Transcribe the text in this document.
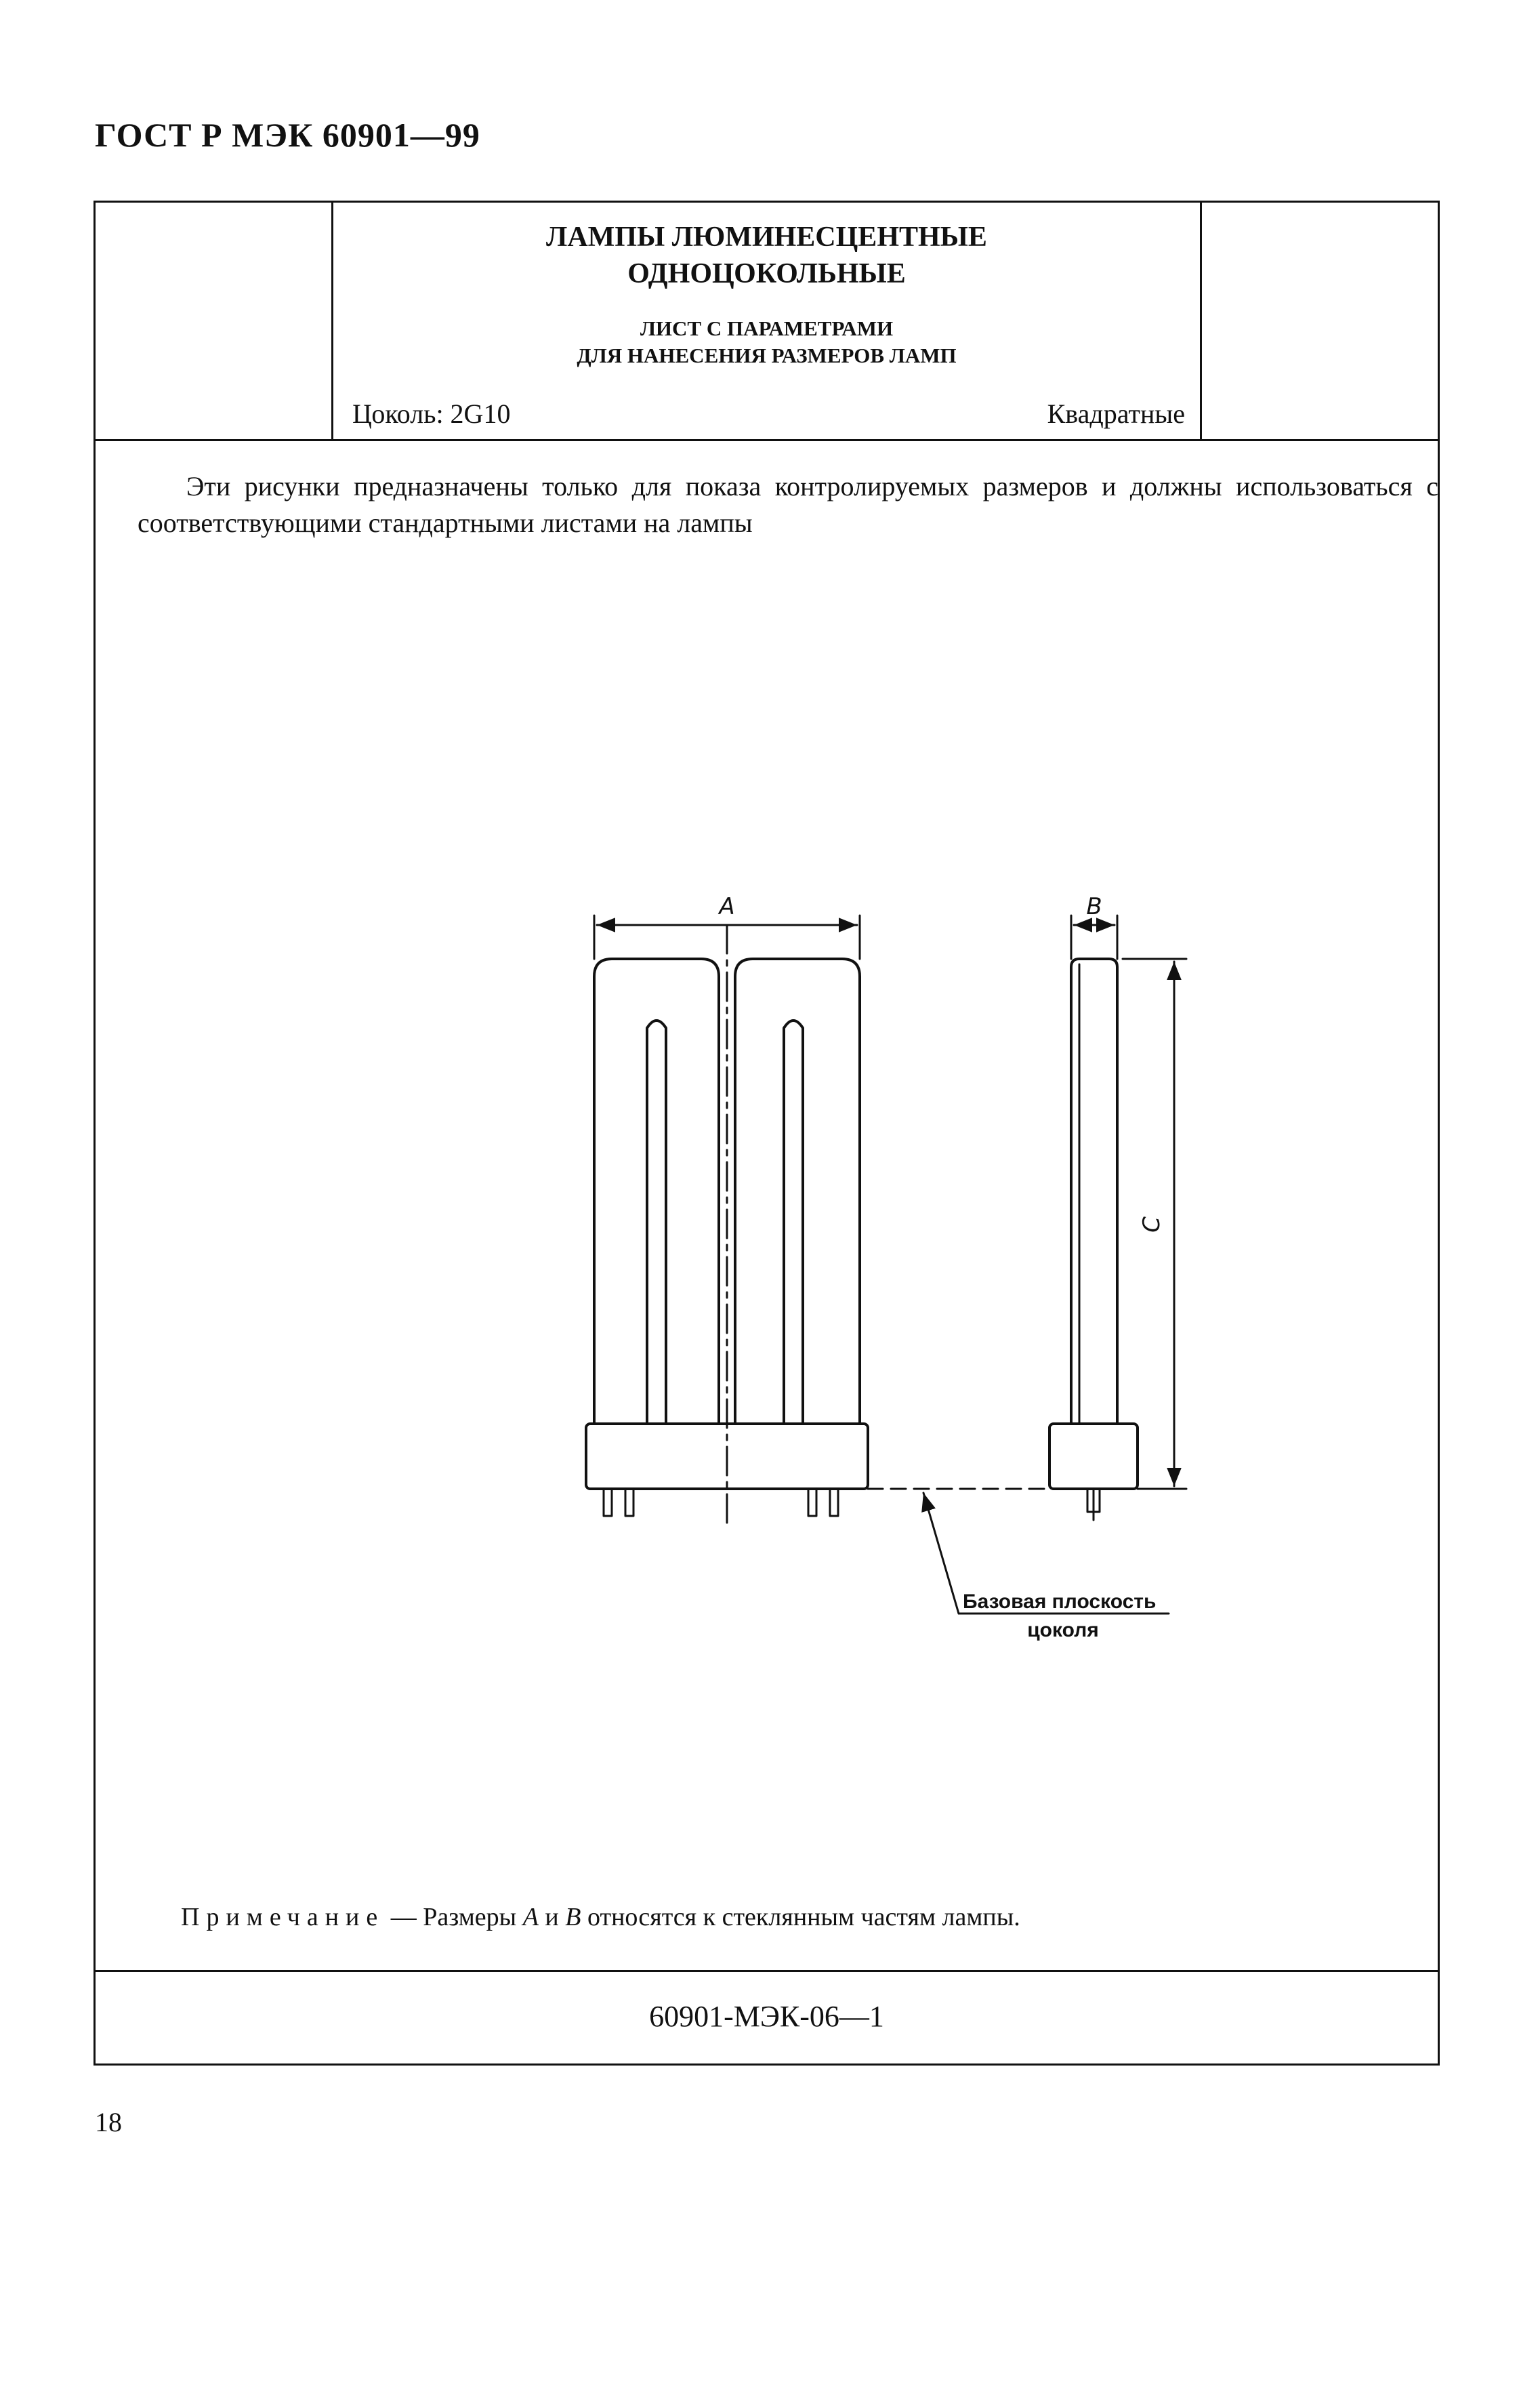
ГОСТ Р МЭК 60901—99
ЛАМПЫ ЛЮМИНЕСЦЕНТНЫЕ
ОДНОЦОКОЛЬНЫЕ
ЛИСТ С ПАРАМЕТРАМИ
ДЛЯ НАНЕСЕНИЯ РАЗМЕРОВ ЛАМП
Цоколь: 2G10	Квадратные
Эти рисунки предназначены только для показа контролируемых размеров и должны использоваться с соответствующими стандартными листами на лампы
A	B
C
Базовая плоскость
цоколя
Примечание — Размеры A и B относятся к стеклянным частям лампы.
60901-МЭК-06—1
18
